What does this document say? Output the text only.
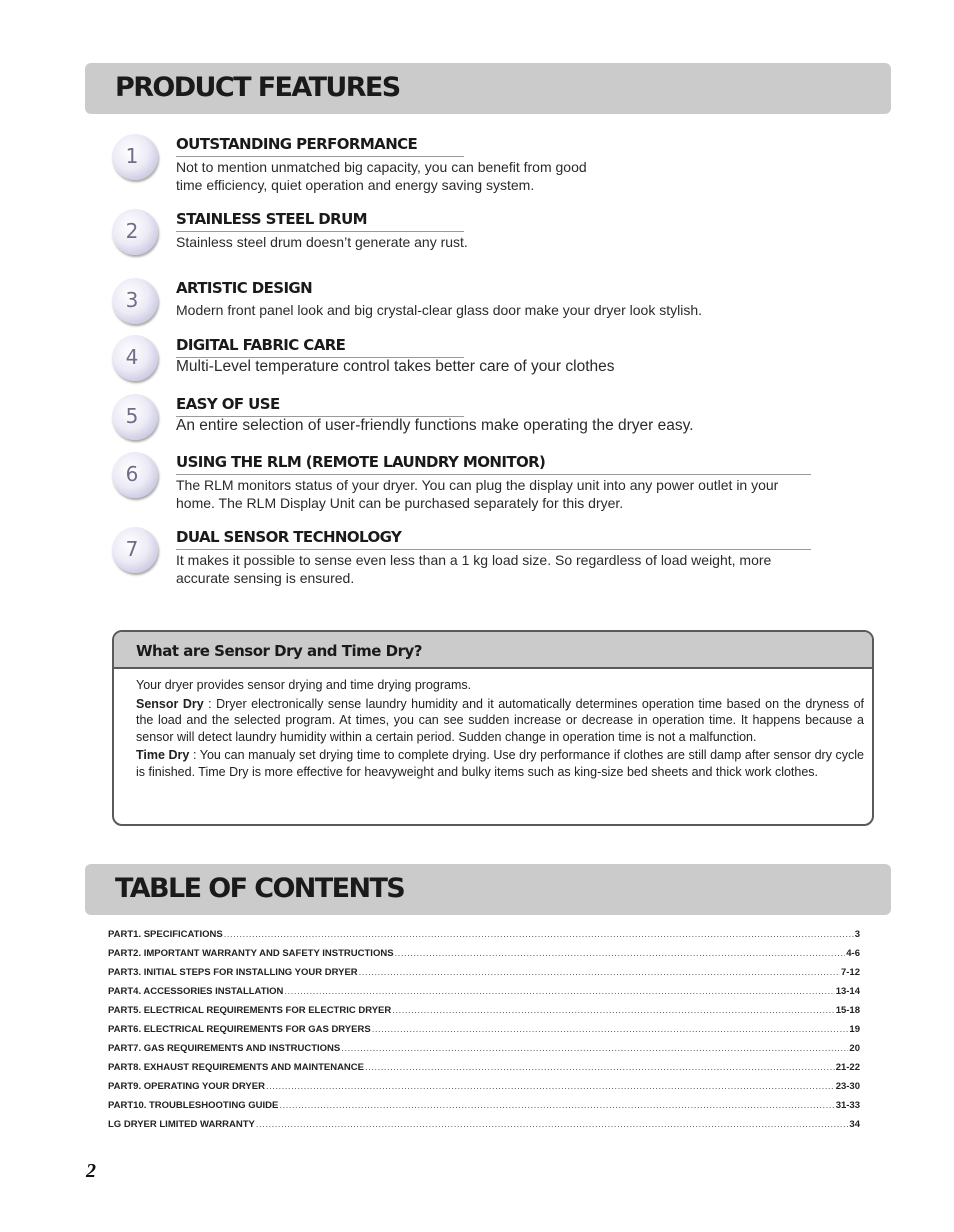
PRODUCT FEATURES
1	OUTSTANDING PERFORMANCE
Not to mention unmatched big capacity, you can benefit from good
time efficiency, quiet operation and energy saving system.
2	STAINLESS STEEL DRUM
Stainless steel drum doesn’t generate any rust.
3	ARTISTIC DESIGN
Modern front panel look and big crystal-clear glass door make your dryer look stylish.
4	DIGITAL FABRIC CARE
Multi-Level temperature control takes better care of your clothes
5	EASY OF USE
An entire selection of user-friendly functions make operating the dryer easy.
6	USING THE RLM (REMOTE LAUNDRY MONITOR)
The RLM monitors status of your dryer. You can plug the display unit into any power outlet in your
home. The RLM Display Unit can be purchased separately for this dryer.
7	DUAL SENSOR TECHNOLOGY
It makes it possible to sense even less than a 1 kg load size. So regardless of load weight, more
accurate sensing is ensured.
What are Sensor Dry and Time Dry?

Your dryer provides sensor drying and time drying programs.

Sensor Dry : Dryer electronically sense laundry humidity and it automatically determines operation time based on the dryness of the load and the selected program. At times, you can see sudden increase or decrease in operation time. It happens because a sensor will detect laundry humidity within a certain period. Sudden change in operation time is not a malfunction.

Time Dry : You can manualy set drying time to complete drying. Use dry performance if clothes are still damp after sensor dry cycle is finished. Time Dry is more effective for heavyweight and bulky items such as king-size bed sheets and thick work clothes.

TABLE OF CONTENTS
PART1. SPECIFICATIONS .....	3
PART2. IMPORTANT WARRANTY AND SAFETY INSTRUCTIONS .....	4-6
PART3. INITIAL STEPS FOR INSTALLING YOUR DRYER .....	7-12
PART4. ACCESSORIES INSTALLATION .....	13-14
PART5. ELECTRICAL REQUIREMENTS FOR ELECTRIC DRYER .....	15-18
PART6. ELECTRICAL REQUIREMENTS FOR GAS DRYERS .....	19
PART7. GAS REQUIREMENTS AND INSTRUCTIONS .....	20
PART8. EXHAUST REQUIREMENTS AND MAINTENANCE .....	21-22
PART9. OPERATING YOUR DRYER .....	23-30
PART10. TROUBLESHOOTING GUIDE .....	31-33
LG DRYER LIMITED WARRANTY .....	34
2
